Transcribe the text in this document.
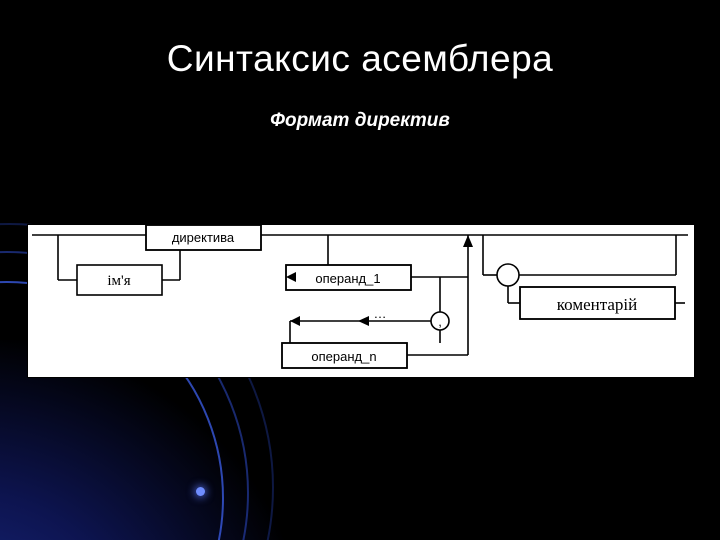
Синтаксис асемблера
Формат директив
ім'я
директива
операнд_1
операнд_n
коментарій
…
,
